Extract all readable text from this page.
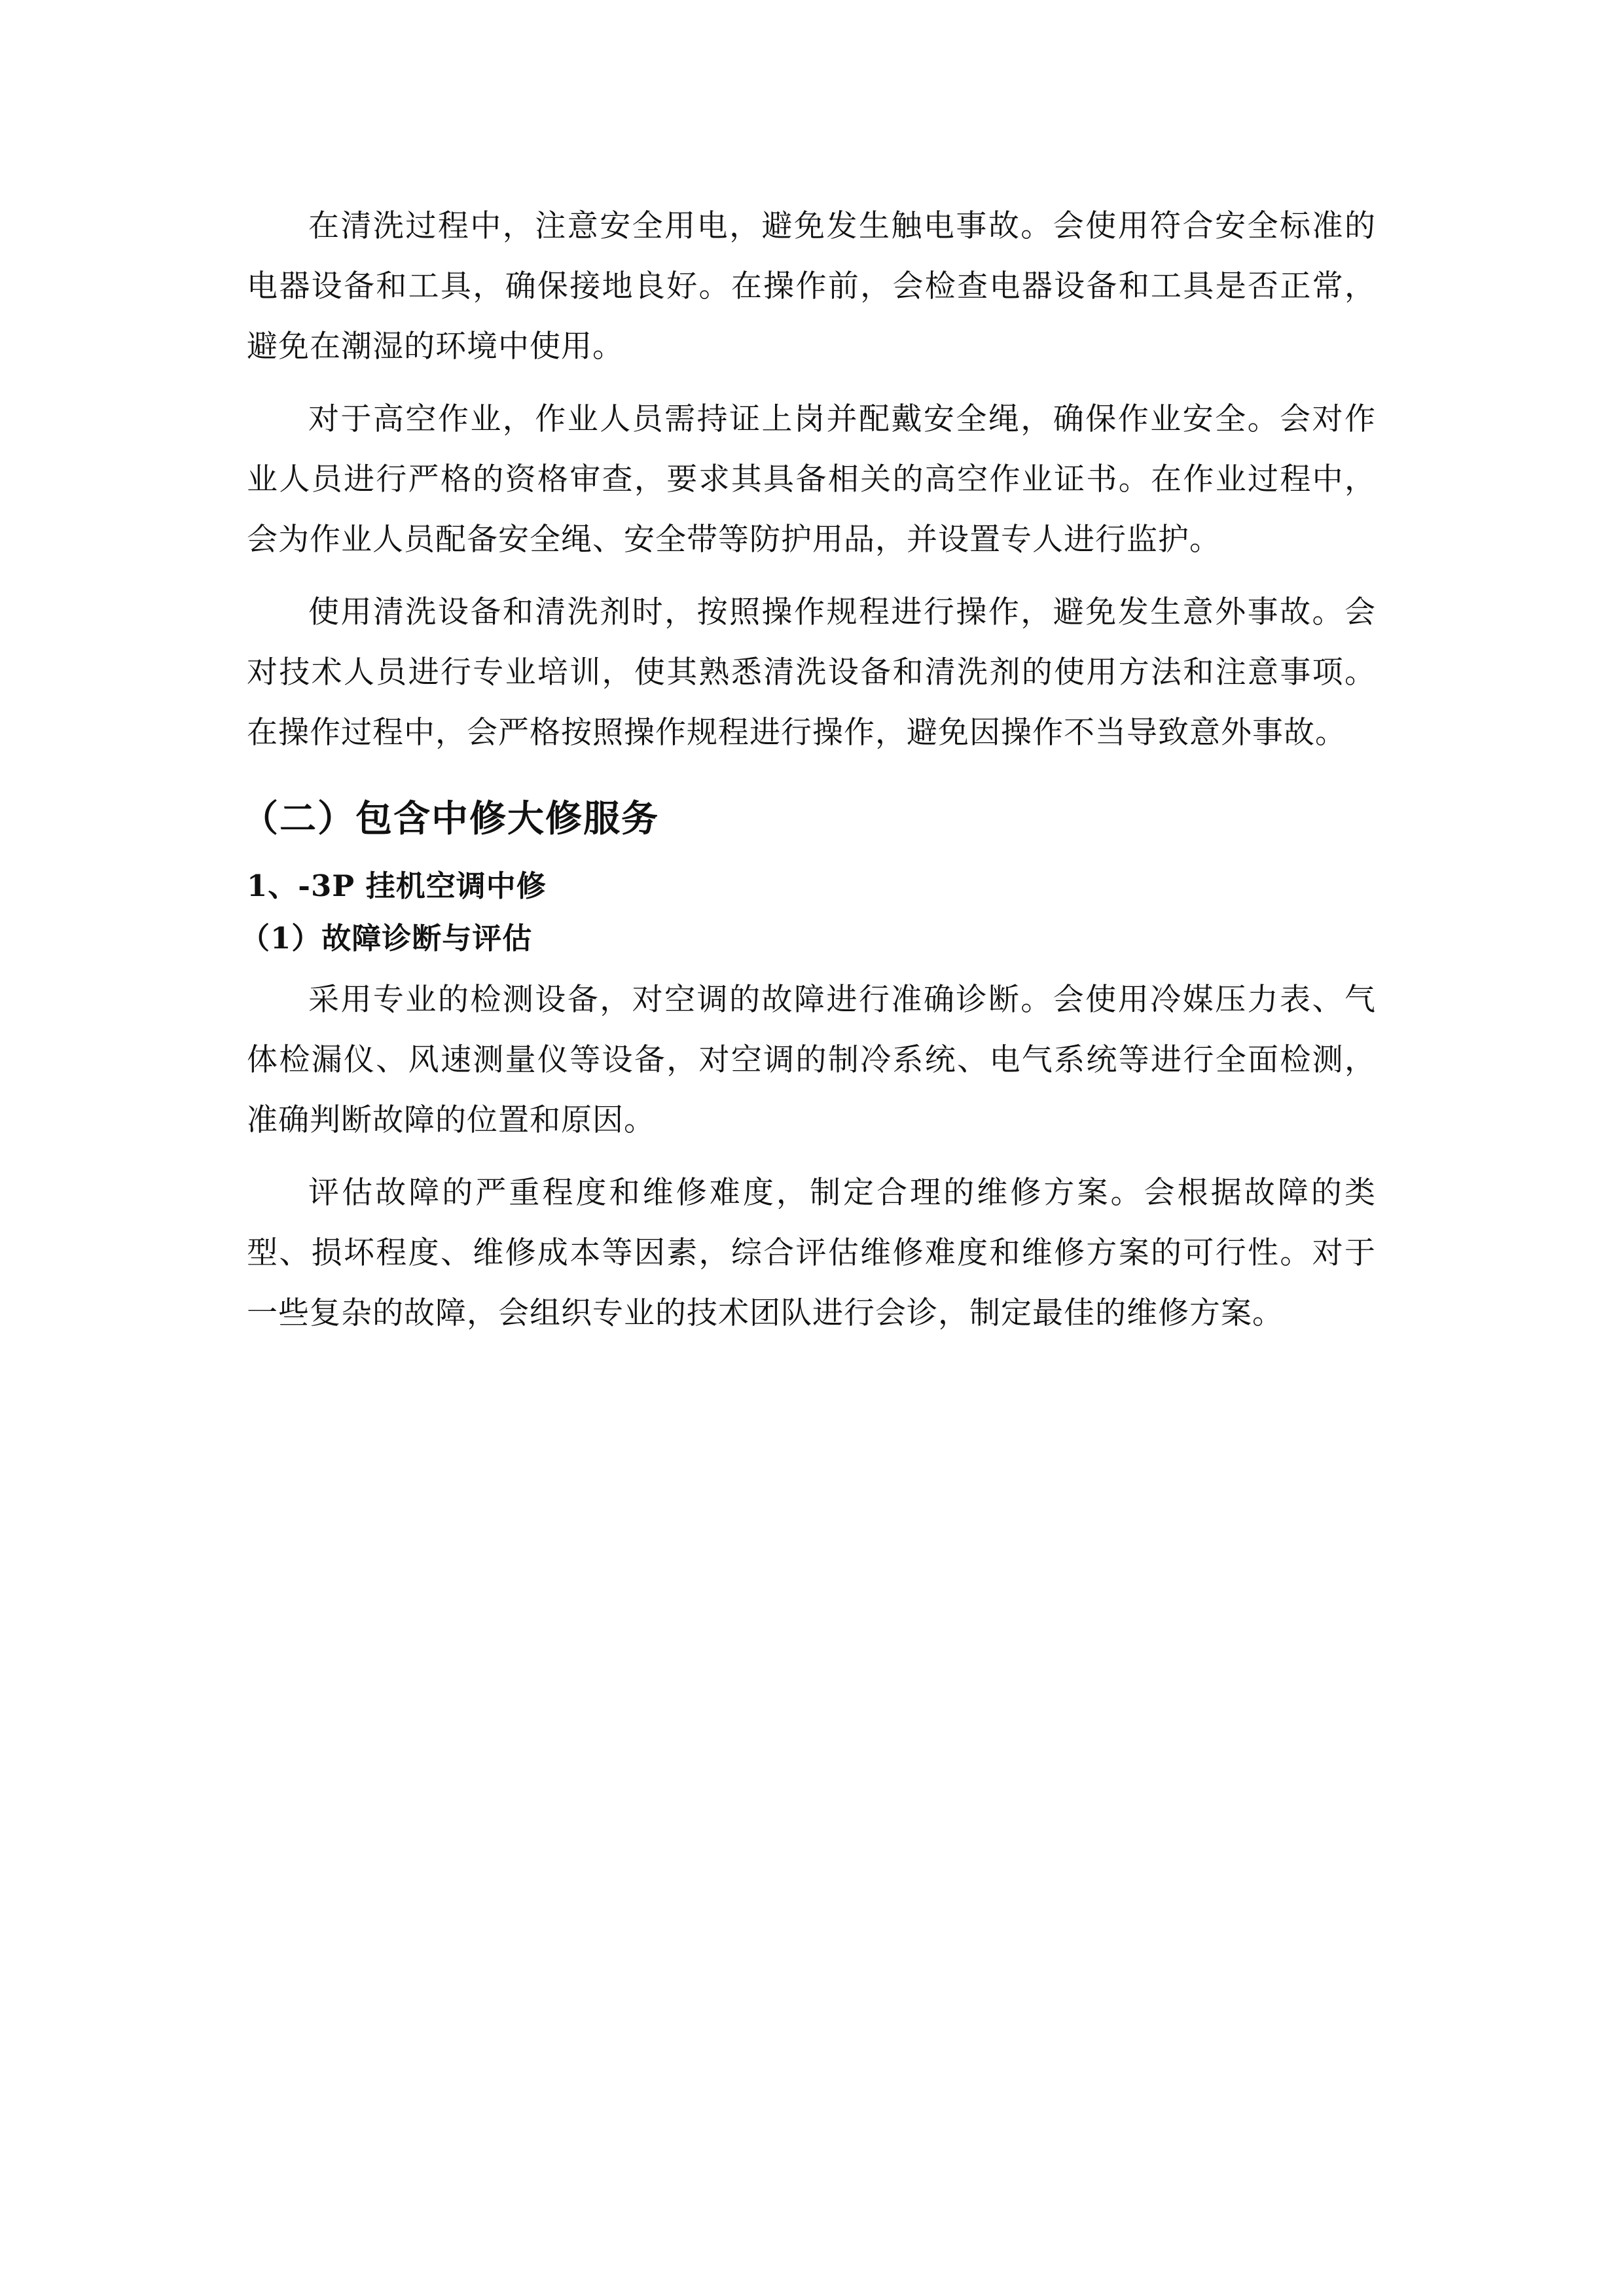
在清洗过程中，注意安全用电，避免发生触电事故。会使用符合安全标准的电器设备和工具，确保接地良好。在操作前，会检查电器设备和工具是否正常，避免在潮湿的环境中使用。

对于高空作业，作业人员需持证上岗并配戴安全绳，确保作业安全。会对作业人员进行严格的资格审查，要求其具备相关的高空作业证书。在作业过程中，会为作业人员配备安全绳、安全带等防护用品，并设置专人进行监护。

使用清洗设备和清洗剂时，按照操作规程进行操作，避免发生意外事故。会对技术人员进行专业培训，使其熟悉清洗设备和清洗剂的使用方法和注意事项。在操作过程中，会严格按照操作规程进行操作，避免因操作不当导致意外事故。

（二）包含中修大修服务
1、-3P 挂机空调中修
（1）故障诊断与评估

采用专业的检测设备，对空调的故障进行准确诊断。会使用冷媒压力表、气体检漏仪、风速测量仪等设备，对空调的制冷系统、电气系统等进行全面检测，准确判断故障的位置和原因。

评估故障的严重程度和维修难度，制定合理的维修方案。会根据故障的类型、损坏程度、维修成本等因素，综合评估维修难度和维修方案的可行性。对于一些复杂的故障，会组织专业的技术团队进行会诊，制定最佳的维修方案。
